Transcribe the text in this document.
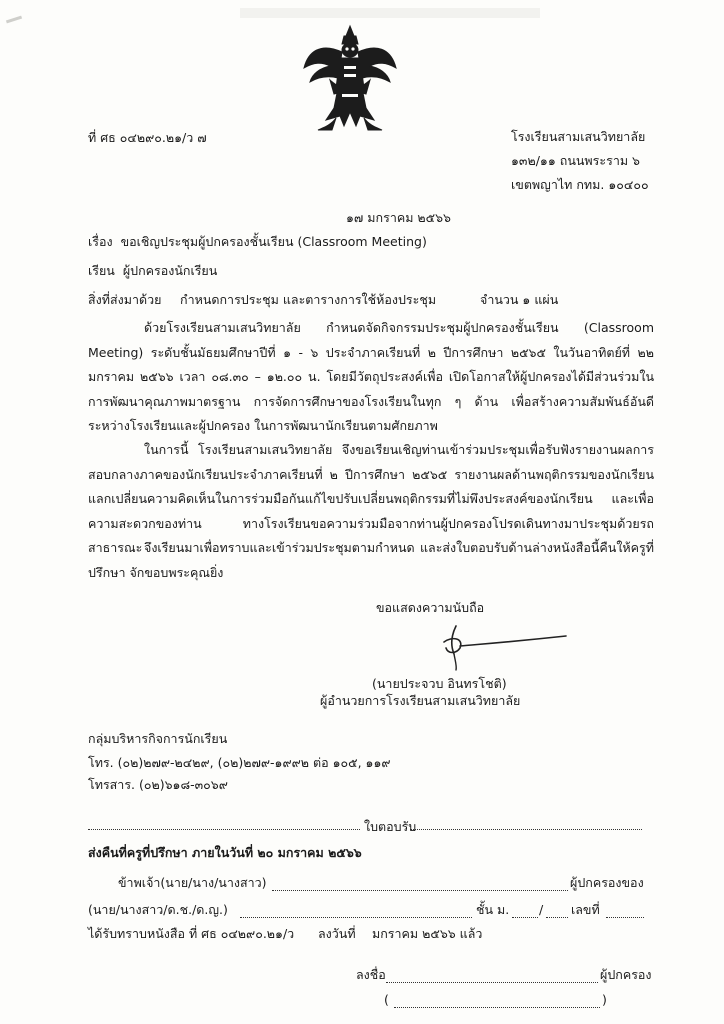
ที่ ศธ ๐๔๒๙๐.๒๑/ว ๗	โรงเรียนสามเสนวิทยาลัย
๑๓๒/๑๑ ถนนพระราม ๖
เขตพญาไท กทม. ๑๐๔๐๐
๑๗ มกราคม ๒๕๖๖
เรื่อง ขอเชิญประชุมผู้ปกครองชั้นเรียน (Classroom Meeting)
เรียน ผู้ปกครองนักเรียน
สิ่งที่ส่งมาด้วย กำหนดการประชุม และตารางการใช้ห้องประชุม	จำนวน ๑ แผ่น
ด้วยโรงเรียนสามเสนวิทยาลัย กำหนดจัดกิจกรรมประชุมผู้ปกครองชั้นเรียน (Classroom Meeting) ระดับชั้นมัธยมศึกษาปีที่ ๑ - ๖ ประจำภาคเรียนที่ ๒ ปีการศึกษา ๒๕๖๕ ในวันอาทิตย์ที่ ๒๒ มกราคม ๒๕๖๖ เวลา ๐๘.๓๐ – ๑๒.๐๐ น. โดยมีวัตถุประสงค์เพื่อ เปิดโอกาสให้ผู้ปกครองได้มีส่วนร่วมในการพัฒนาคุณภาพมาตรฐาน การจัดการศึกษาของโรงเรียนในทุก ๆ ด้าน เพื่อสร้างความสัมพันธ์อันดีระหว่างโรงเรียนและผู้ปกครอง ในการพัฒนานักเรียนตามศักยภาพ
ในการนี้ โรงเรียนสามเสนวิทยาลัย จึงขอเรียนเชิญท่านเข้าร่วมประชุมเพื่อรับฟังรายงานผลการสอบกลางภาคของนักเรียนประจำภาคเรียนที่ ๒ ปีการศึกษา ๒๕๖๕ รายงานผลด้านพฤติกรรมของนักเรียน แลกเปลี่ยนความคิดเห็นในการร่วมมือกันแก้ไขปรับเปลี่ยนพฤติกรรมที่ไม่พึงประสงค์ของนักเรียน และเพื่อความสะดวกของท่าน ทางโรงเรียนขอความร่วมมือจากท่านผู้ปกครองโปรดเดินทางมาประชุมด้วยรถสาธารณะ จึงเรียนมาเพื่อทราบและเข้าร่วมประชุมตามกำหนด และส่งใบตอบรับด้านล่างหนังสือนี้คืนให้ครูที่ปรึกษา จักขอบพระคุณยิ่ง
ขอแสดงความนับถือ
(นายประจวบ อินทรโชติ)
ผู้อำนวยการโรงเรียนสามเสนวิทยาลัย
กลุ่มบริหารกิจการนักเรียน
โทร. (๐๒)๒๗๙-๒๔๒๙, (๐๒)๒๗๙-๑๙๙๒ ต่อ ๑๐๕, ๑๑๙
โทรสาร. (๐๒)๖๑๘-๓๐๖๙
ใบตอบรับ
ส่งคืนที่ครูที่ปรึกษา ภายในวันที่ ๒๐ มกราคม ๒๕๖๖
ข้าพเจ้า(นาย/นาง/นางสาว)	ผู้ปกครองของ
(นาย/นางสาว/ด.ช./ด.ญ.)	ชั้น ม. / เลขที่
ได้รับทราบหนังสือ ที่ ศธ ๐๔๒๙๐.๒๑/ว ลงวันที่ มกราคม ๒๕๖๖ แล้ว
ลงชื่อ	ผู้ปกครอง
(	)
